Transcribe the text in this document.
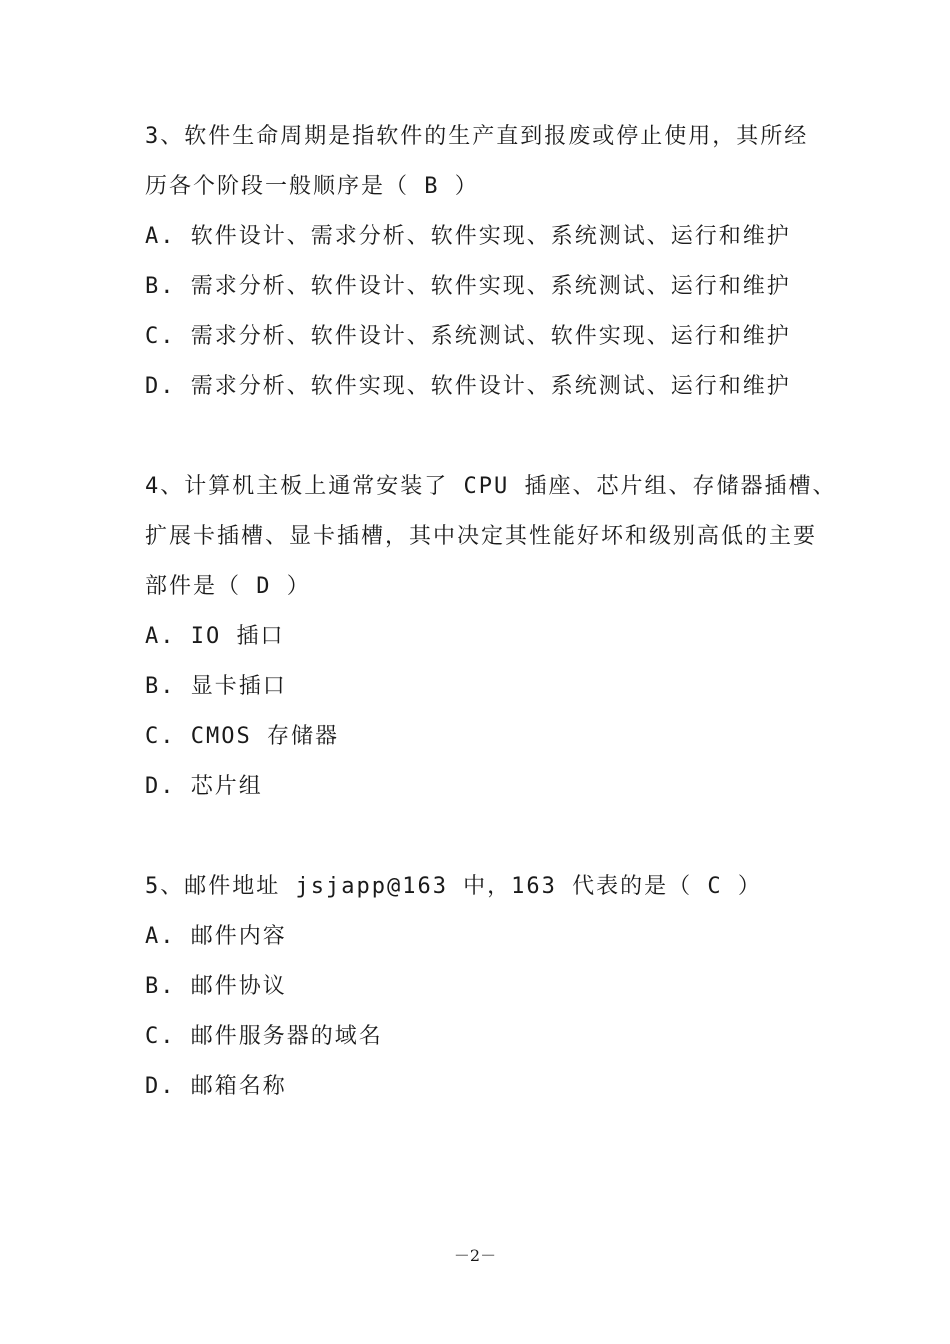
3、软件生命周期是指软件的生产直到报废或停止使用，其所经
历各个阶段一般顺序是（ B ）
A. 软件设计、需求分析、软件实现、系统测试、运行和维护
B. 需求分析、软件设计、软件实现、系统测试、运行和维护
C. 需求分析、软件设计、系统测试、软件实现、运行和维护
D. 需求分析、软件实现、软件设计、系统测试、运行和维护
4、计算机主板上通常安装了 CPU 插座、芯片组、存储器插槽、
扩展卡插槽、显卡插槽，其中决定其性能好坏和级别高低的主要
部件是（ D ）
A. IO 插口
B. 显卡插口
C. CMOS 存储器
D. 芯片组
5、邮件地址 jsjapp@163 中，163 代表的是（ C ）
A. 邮件内容
B. 邮件协议
C. 邮件服务器的域名
D. 邮箱名称
－2－
